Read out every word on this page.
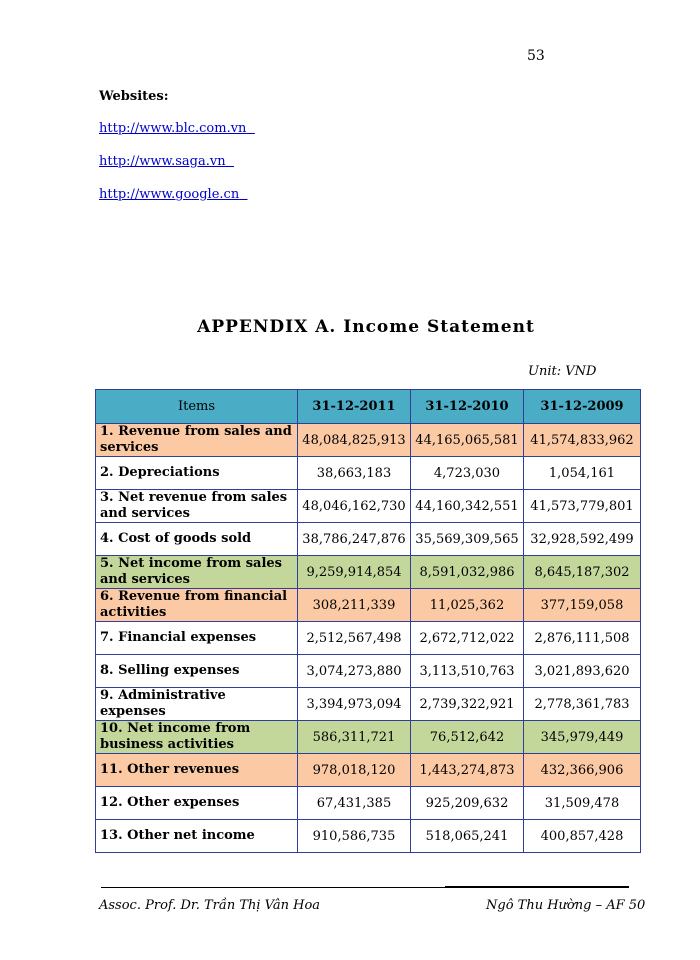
53
Websites:
http://www.blc.com.vn
http://www.saga.vn
http://www.google.cn
APPENDIX A. Income Statement
Unit: VND
Items	31-12-2011	31-12-2010	31-12-2009
1. Revenue from sales and services	48,084,825,913	44,165,065,581	41,574,833,962
2. Depreciations	38,663,183	4,723,030	1,054,161
3. Net revenue from sales and services	48,046,162,730	44,160,342,551	41,573,779,801
4. Cost of goods sold	38,786,247,876	35,569,309,565	32,928,592,499
5. Net income from sales and services	9,259,914,854	8,591,032,986	8,645,187,302
6. Revenue from financial activities	308,211,339	11,025,362	377,159,058
7. Financial expenses	2,512,567,498	2,672,712,022	2,876,111,508
8. Selling expenses	3,074,273,880	3,113,510,763	3,021,893,620
9. Administrative expenses	3,394,973,094	2,739,322,921	2,778,361,783
10. Net income from business activities	586,311,721	76,512,642	345,979,449
11. Other revenues	978,018,120	1,443,274,873	432,366,906
12. Other expenses	67,431,385	925,209,632	31,509,478
13. Other net income	910,586,735	518,065,241	400,857,428
Assoc. Prof. Dr. Trần Thị Vân Hoa	Ngô Thu Hường – AF 50
